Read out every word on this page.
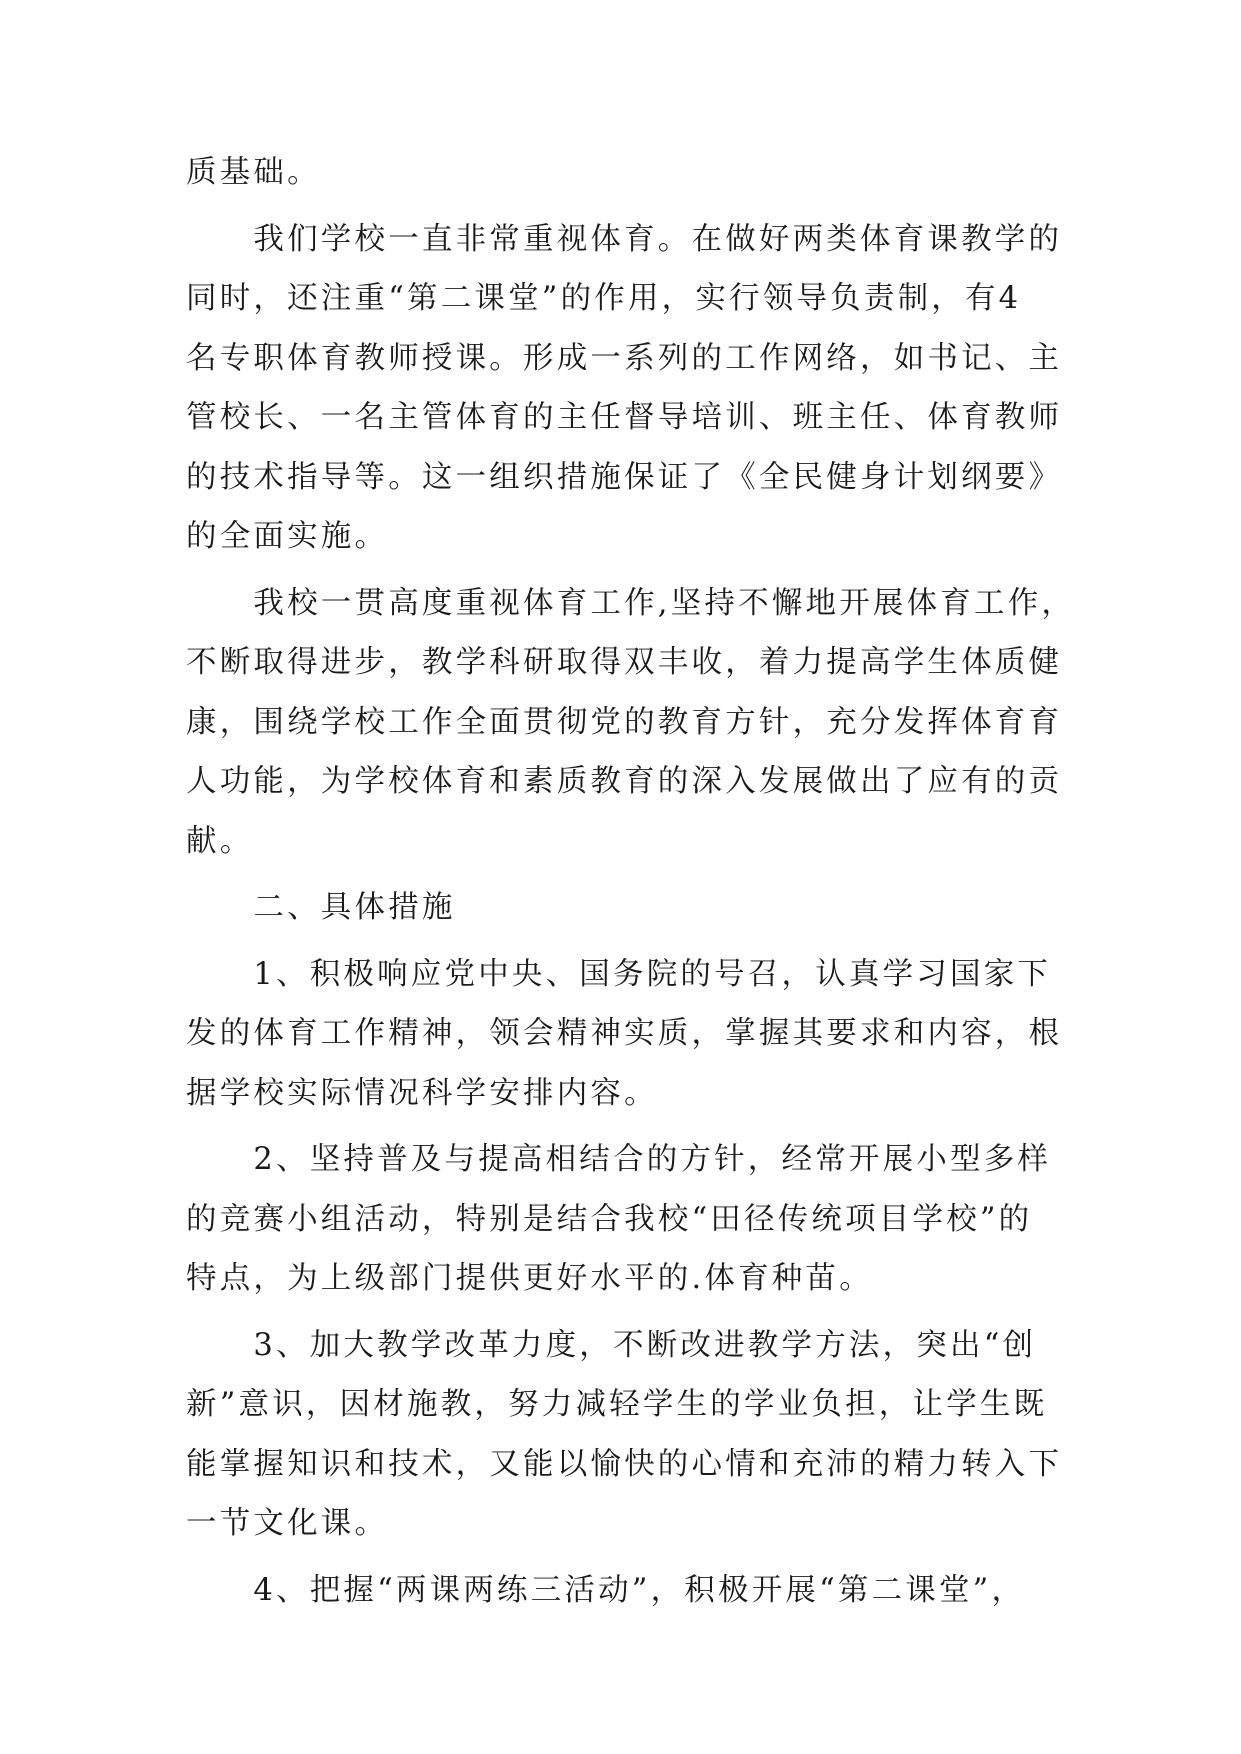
质基础。
　　我们学校一直非常重视体育。在做好两类体育课教学的
同时，还注重“第二课堂”的作用，实行领导负责制，有4
名专职体育教师授课。形成一系列的工作网络，如书记、主
管校长、一名主管体育的主任督导培训、班主任、体育教师
的技术指导等。这一组织措施保证了《全民健身计划纲要》
的全面实施。
　　我校一贯高度重视体育工作,坚持不懈地开展体育工作，
不断取得进步，教学科研取得双丰收，着力提高学生体质健
康，围绕学校工作全面贯彻党的教育方针，充分发挥体育育
人功能，为学校体育和素质教育的深入发展做出了应有的贡
献。
　　二、具体措施
　　1、积极响应党中央、国务院的号召，认真学习国家下
发的体育工作精神，领会精神实质，掌握其要求和内容，根
据学校实际情况科学安排内容。
　　2、坚持普及与提高相结合的方针，经常开展小型多样
的竞赛小组活动，特别是结合我校“田径传统项目学校”的
特点，为上级部门提供更好水平的.体育种苗。
　　3、加大教学改革力度，不断改进教学方法，突出“创
新”意识，因材施教，努力减轻学生的学业负担，让学生既
能掌握知识和技术，又能以愉快的心情和充沛的精力转入下
一节文化课。
　　4、把握“两课两练三活动”，积极开展“第二课堂”，
